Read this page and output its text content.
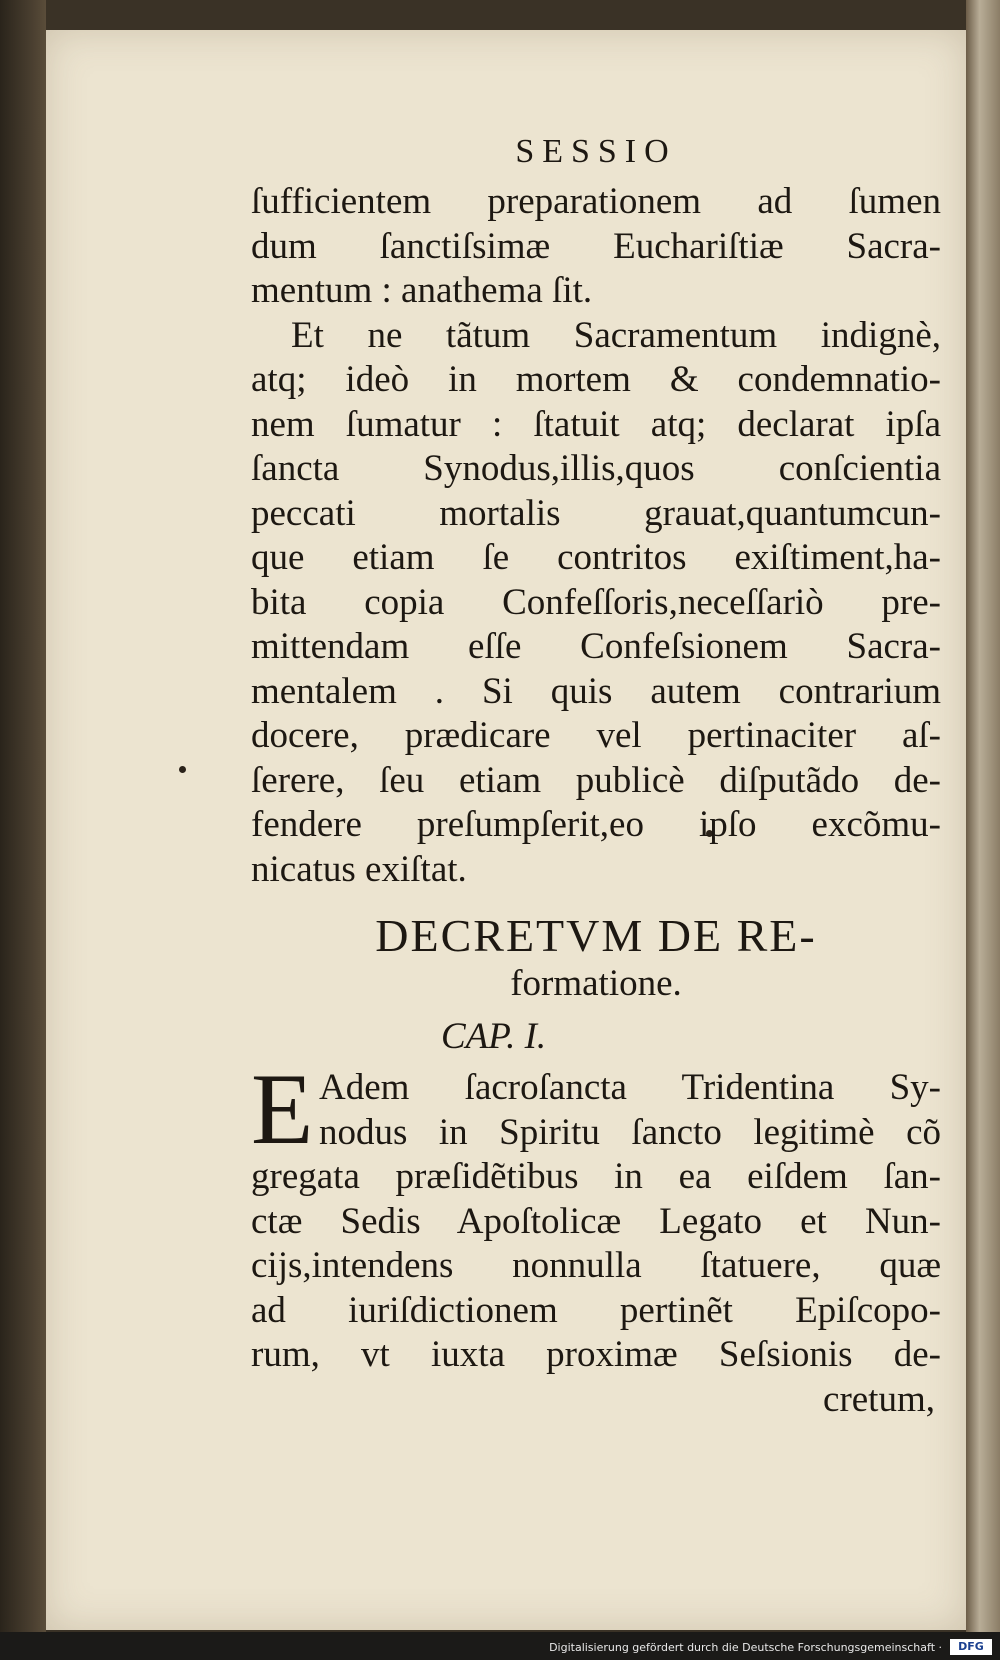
SESSIO
ſufficientem preparationem ad ſumen
dum ſanctiſsimæ Euchariſtiæ Sacra-
mentum : anathema ſit.
Et ne tãtum Sacramentum indignè,
atq; ideò in mortem & condemnatio-
nem ſumatur : ſtatuit atq; declarat ipſa
ſancta Synodus,illis,quos conſcientia
peccati mortalis grauat,quantumcun-
que etiam ſe contritos exiſtiment,ha-
bita copia Confeſſoris,neceſſariò pre-
mittendam eſſe Confeſsionem Sacra-
mentalem . Si quis autem contrarium
docere, prædicare vel pertinaciter aſ-
ſerere, ſeu etiam publicè diſputãdo de-
fendere preſumpſerit,eo ipſo excõmu-
nicatus exiſtat.
DECRETVM DE RE-
formatione.
CAP. I.
E Adem ſacroſancta Tridentina Sy-
nodus in Spiritu ſancto legitimè cõ
gregata præſidẽtibus in ea eiſdem ſan-
ctæ Sedis Apoſtolicæ Legato et Nun-
cijs,intendens nonnulla ſtatuere, quæ
ad iuriſdictionem pertinẽt Epiſcopo-
rum, vt iuxta proximæ Seſsionis de-
cretum,
Digitalisierung gefördert durch die Deutsche Forschungsgemeinschaft ·	DFG
